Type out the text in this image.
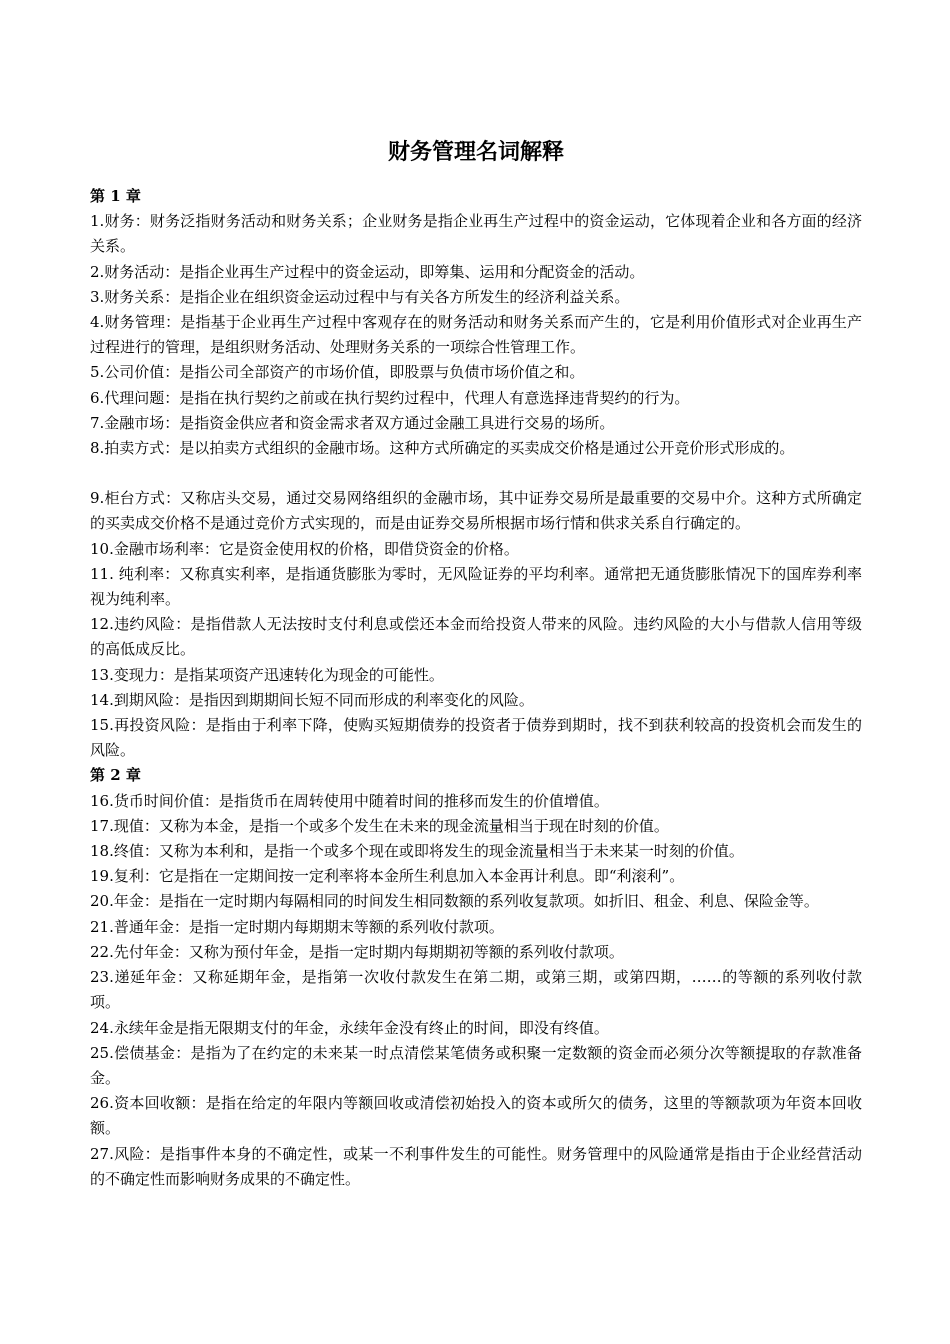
财务管理名词解释
第 1 章

1.财务：财务泛指财务活动和财务关系；企业财务是指企业再生产过程中的资金运动，它体现着企业和各方面的经济关系。

2.财务活动：是指企业再生产过程中的资金运动，即筹集、运用和分配资金的活动。

3.财务关系：是指企业在组织资金运动过程中与有关各方所发生的经济利益关系。

4.财务管理：是指基于企业再生产过程中客观存在的财务活动和财务关系而产生的，它是利用价值形式对企业再生产过程进行的管理，是组织财务活动、处理财务关系的一项综合性管理工作。

5.公司价值：是指公司全部资产的市场价值，即股票与负债市场价值之和。

6.代理问题：是指在执行契约之前或在执行契约过程中，代理人有意选择违背契约的行为。

7.金融市场：是指资金供应者和资金需求者双方通过金融工具进行交易的场所。

8.拍卖方式：是以拍卖方式组织的金融市场。这种方式所确定的买卖成交价格是通过公开竞价形式形成的。

9.柜台方式：又称店头交易，通过交易网络组织的金融市场，其中证券交易所是最重要的交易中介。这种方式所确定的买卖成交价格不是通过竞价方式实现的，而是由证券交易所根据市场行情和供求关系自行确定的。

10.金融市场利率：它是资金使用权的价格，即借贷资金的价格。

11. 纯利率：又称真实利率，是指通货膨胀为零时，无风险证券的平均利率。通常把无通货膨胀情况下的国库券利率视为纯利率。

12.违约风险：是指借款人无法按时支付利息或偿还本金而给投资人带来的风险。违约风险的大小与借款人信用等级的高低成反比。

13.变现力：是指某项资产迅速转化为现金的可能性。

14.到期风险：是指因到期期间长短不同而形成的利率变化的风险。

15.再投资风险：是指由于利率下降，使购买短期债券的投资者于债券到期时，找不到获利较高的投资机会而发生的风险。

第 2 章

16.货币时间价值：是指货币在周转使用中随着时间的推移而发生的价值增值。

17.现值：又称为本金，是指一个或多个发生在未来的现金流量相当于现在时刻的价值。

18.终值：又称为本利和，是指一个或多个现在或即将发生的现金流量相当于未来某一时刻的价值。

19.复利：它是指在一定期间按一定利率将本金所生利息加入本金再计利息。即“利滚利”。

20.年金：是指在一定时期内每隔相同的时间发生相同数额的系列收复款项。如折旧、租金、利息、保险金等。

21.普通年金：是指一定时期内每期期末等额的系列收付款项。

22.先付年金：又称为预付年金，是指一定时期内每期期初等额的系列收付款项。

23.递延年金：又称延期年金，是指第一次收付款发生在第二期，或第三期，或第四期，……的等额的系列收付款项。

24.永续年金是指无限期支付的年金，永续年金没有终止的时间，即没有终值。

25.偿债基金：是指为了在约定的未来某一时点清偿某笔债务或积聚一定数额的资金而必须分次等额提取的存款准备金。

26.资本回收额：是指在给定的年限内等额回收或清偿初始投入的资本或所欠的债务，这里的等额款项为年资本回收额。

27.风险：是指事件本身的不确定性，或某一不利事件发生的可能性。财务管理中的风险通常是指由于企业经营活动的不确定性而影响财务成果的不确定性。
